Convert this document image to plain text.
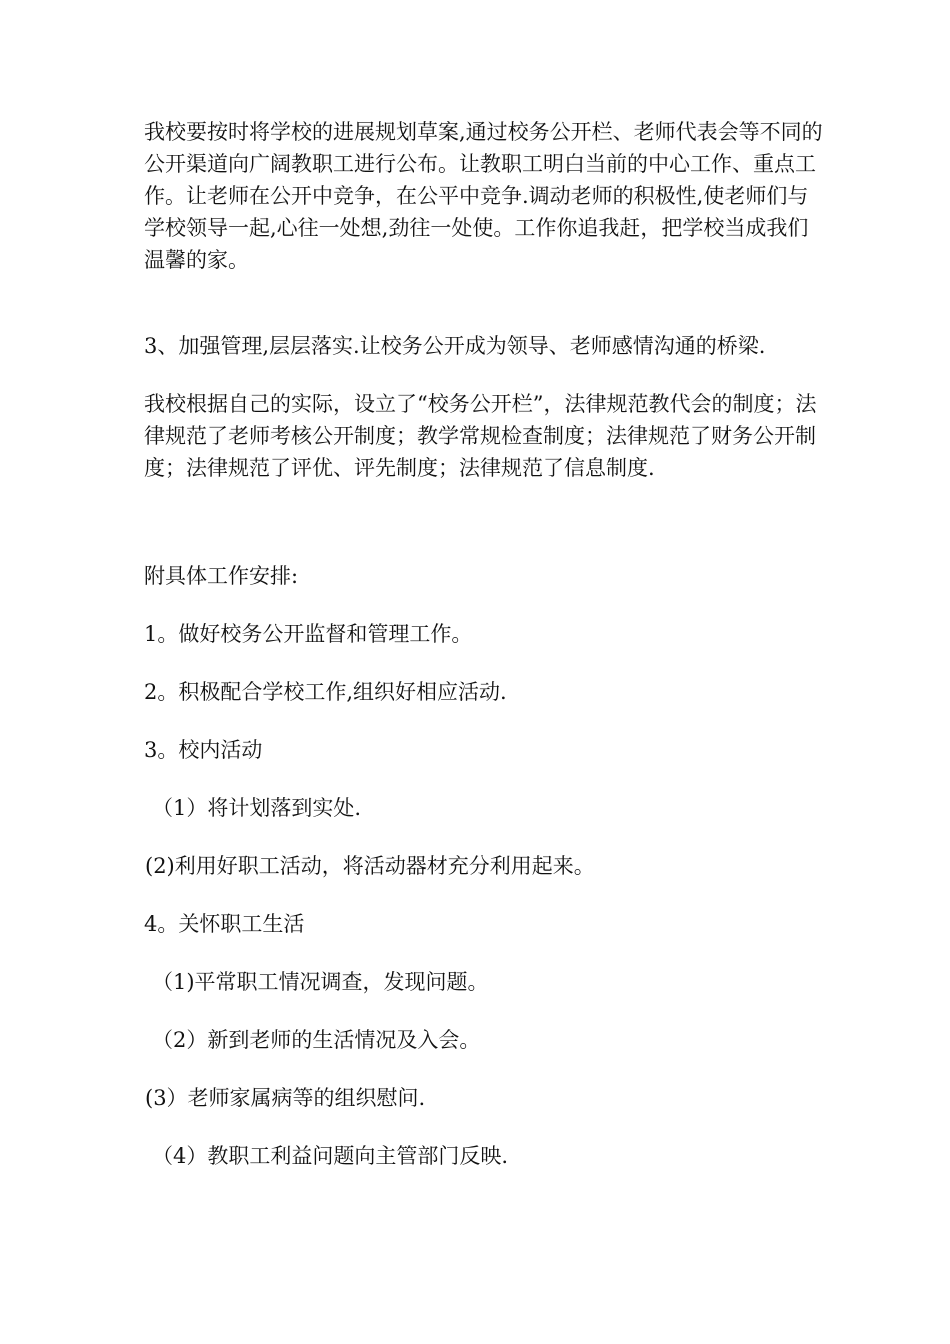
我校要按时将学校的进展规划草案,通过校务公开栏、老师代表会等不同的公开渠道向广阔教职工进行公布。让教职工明白当前的中心工作、重点工作。让老师在公开中竞争，在公平中竞争.调动老师的积极性,使老师们与学校领导一起,心往一处想,劲往一处使。工作你追我赶，把学校当成我们温馨的家。

3、加强管理,层层落实.让校务公开成为领导、老师感情沟通的桥梁.

我校根据自己的实际，设立了“校务公开栏”，法律规范教代会的制度；法律规范了老师考核公开制度；教学常规检查制度；法律规范了财务公开制度；法律规范了评优、评先制度；法律规范了信息制度.

附具体工作安排:

1。做好校务公开监督和管理工作。

2。积极配合学校工作,组织好相应活动.

3。校内活动

（1）将计划落到实处.

(2)利用好职工活动，将活动器材充分利用起来。

4。关怀职工生活

（1)平常职工情况调查，发现问题。

（2）新到老师的生活情况及入会。

(3）老师家属病等的组织慰问.

（4）教职工利益问题向主管部门反映.
